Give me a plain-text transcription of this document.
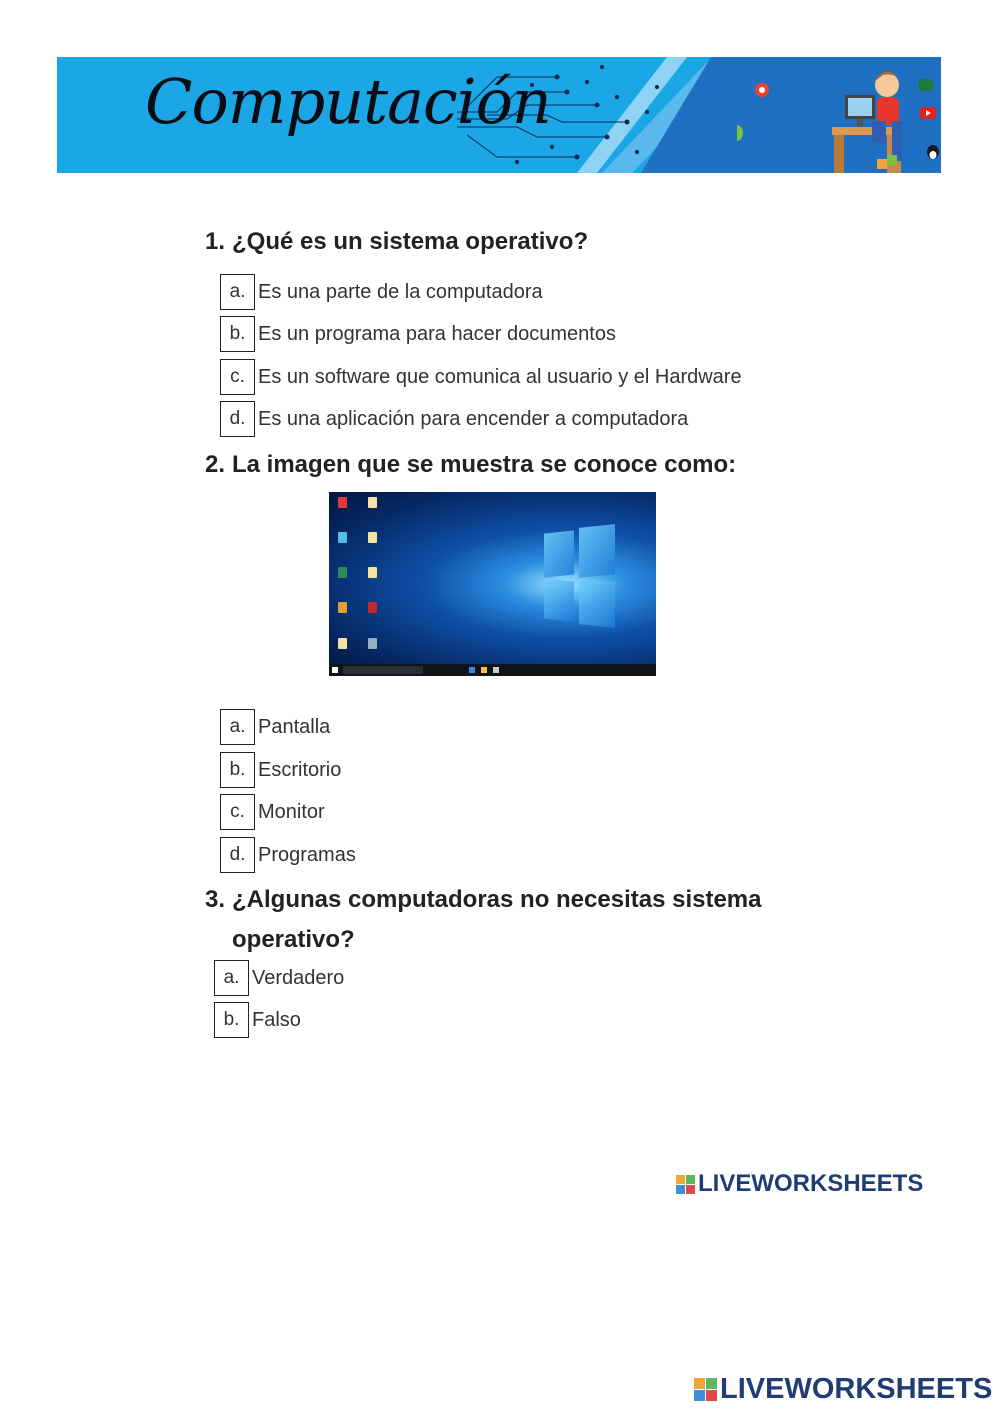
Computación
1. ¿Qué es un sistema operativo?
a. Es una parte de la computadora
b. Es un programa para hacer documentos
c. Es un software que comunica al usuario y el Hardware
d. Es una aplicación para encender a computadora
2. La imagen que se muestra se conoce como:
a. Pantalla
b. Escritorio
c. Monitor
d. Programas
3. ¿Algunas computadoras no necesitas sistema
operativo?
a. Verdadero
b. Falso
LIVEWORKSHEETS
LIVEWORKSHEETS
